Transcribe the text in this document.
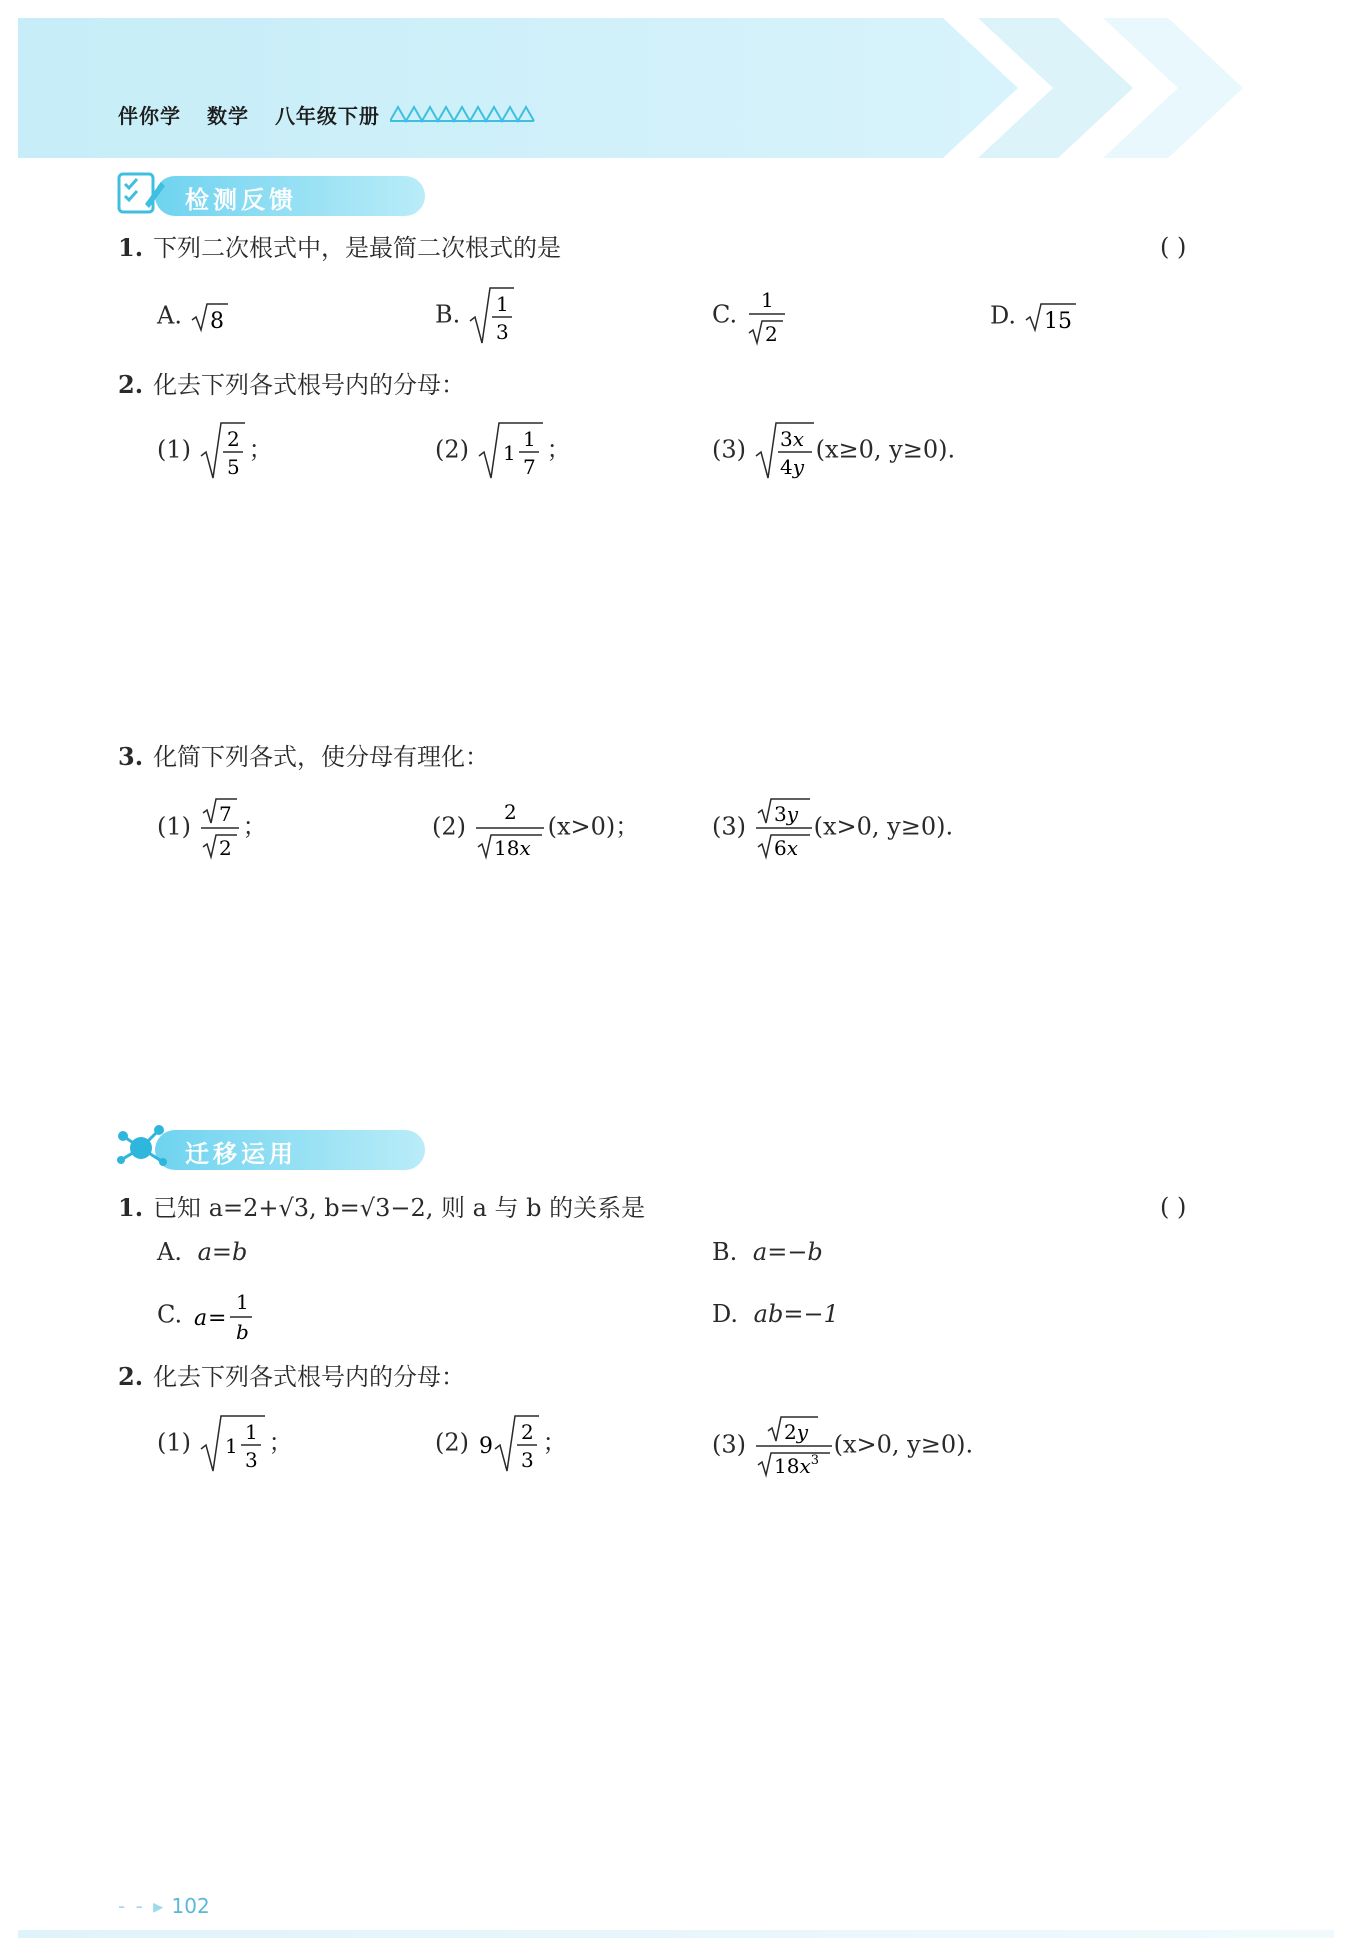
伴你学 数学 八年级下册
检测反馈
1. 下列二次根式中，是最简二次根式的是	( )
A. 8	B. 1
3
C.
1
2
D. 15
2. 化去下列各式根号内的分母：
(1) 2
5
；	(2) 1
1
7
；	(3) 3x
4y
(x≥0, y≥0).
3. 化简下列各式，使分母有理化：
(1) 7
2
；	(2)
2
18x
(x>0)；	(3) 3y
6x
(x>0, y≥0).
迁移运用
1. 已知 a=2+√3, b=√3−2, 则 a 与 b 的关系是	( )
A. a=b	B. a=−b
C. a =
1
b
D. ab=−1
2. 化去下列各式根号内的分母：
(1) 1
1
3
；	(2) 9
2
3
；	(3) 2y
$18x^3$
(x>0, y≥0).
‑ ‑ ▸ 102
